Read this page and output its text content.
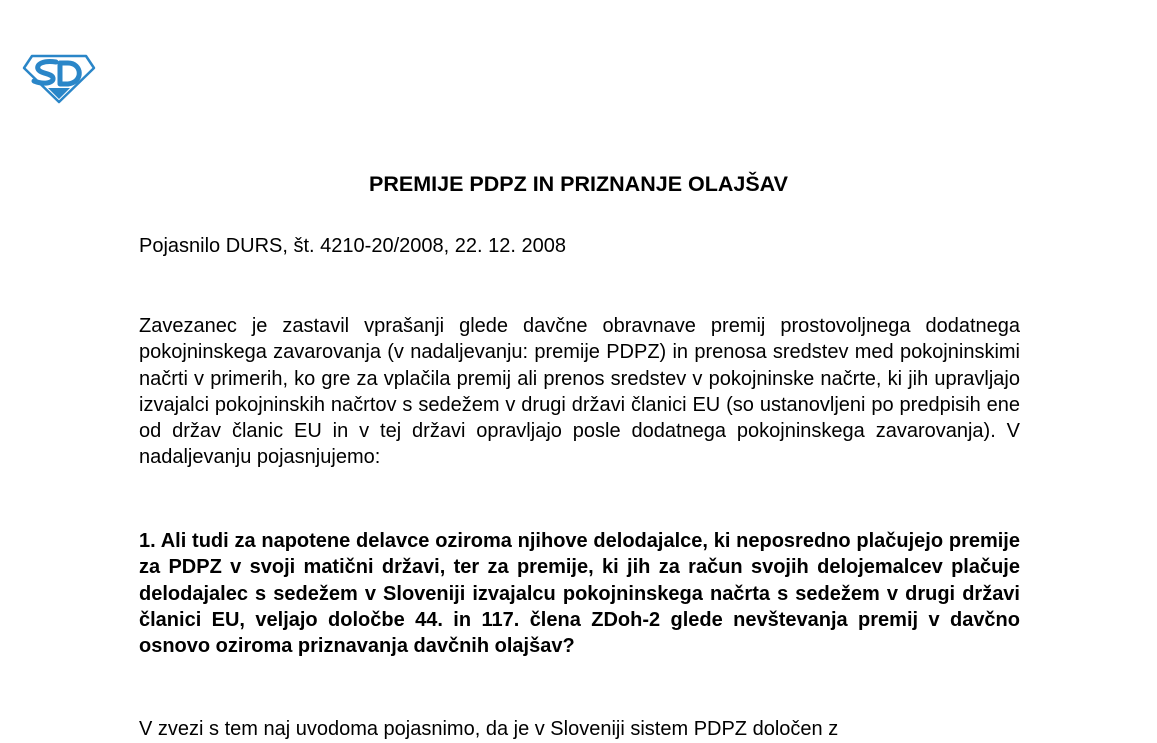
PREMIJE PDPZ IN PRIZNANJE OLAJŠAV

Pojasnilo DURS, št. 4210-20/2008, 22. 12. 2008

Zavezanec je zastavil vprašanji glede davčne obravnave premij prostovoljnega dodatnega pokojninskega zavarovanja (v nadaljevanju: premije PDPZ) in prenosa sredstev med pokojninskimi načrti v primerih, ko gre za vplačila premij ali prenos sredstev v pokojninske načrte, ki jih upravljajo izvajalci pokojninskih načrtov s sedežem v drugi državi članici EU (so ustanovljeni po predpisih ene od držav članic EU in v tej državi opravljajo posle dodatnega pokojninskega zavarovanja). V nadaljevanju pojasnjujemo:

1. Ali tudi za napotene delavce oziroma njihove delodajalce, ki neposredno plačujejo premije za PDPZ v svoji matični državi, ter za premije, ki jih za račun svojih delojemalcev plačuje delodajalec s sedežem v Sloveniji izvajalcu pokojninskega načrta s sedežem v drugi državi članici EU, veljajo določbe 44. in 117. člena ZDoh-2 glede nevštevanja premij v davčno osnovo oziroma priznavanja davčnih olajšav?

V zvezi s tem naj uvodoma pojasnimo, da je v Sloveniji sistem PDPZ določen z
